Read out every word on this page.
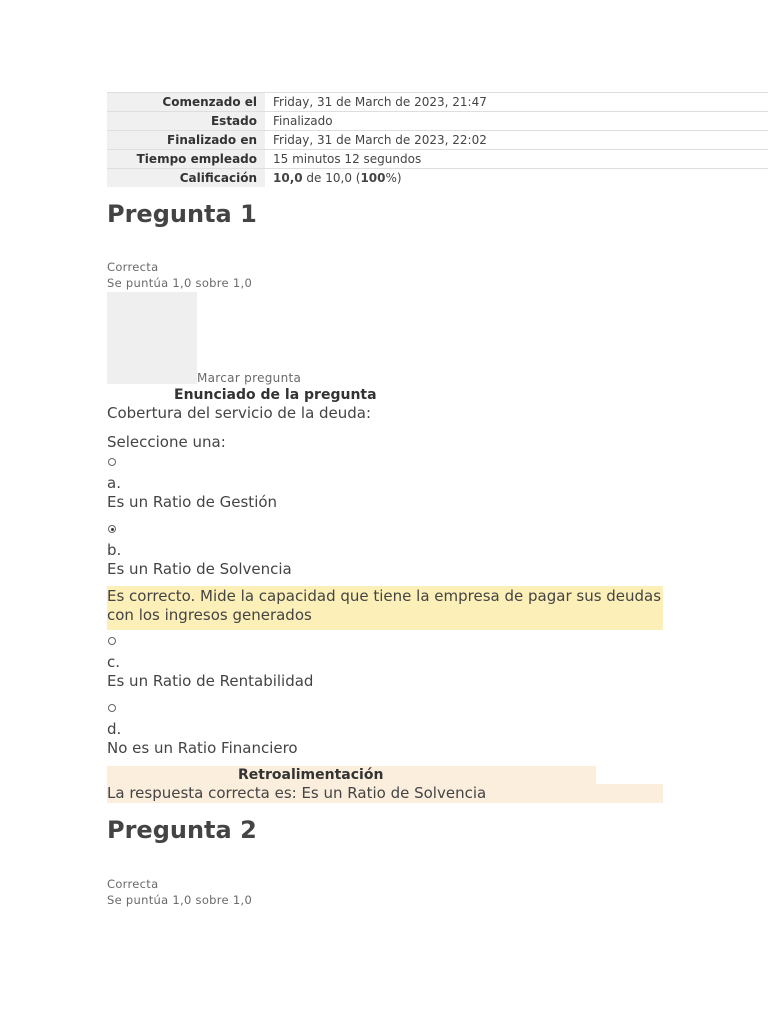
Comenzado el	Friday, 31 de March de 2023, 21:47
Estado	Finalizado
Finalizado en	Friday, 31 de March de 2023, 22:02
Tiempo empleado	15 minutos 12 segundos
Calificación	10,0 de 10,0 (100%)
Pregunta 1
Correcta
Se puntúa 1,0 sobre 1,0
Marcar pregunta
Enunciado de la pregunta
Cobertura del servicio de la deuda:
Seleccione una:
a.
Es un Ratio de Gestión
b.
Es un Ratio de Solvencia
Es correcto. Mide la capacidad que tiene la empresa de pagar sus deudas con los ingresos generados
c.
Es un Ratio de Rentabilidad
d.
No es un Ratio Financiero
Retroalimentación
La respuesta correcta es: Es un Ratio de Solvencia
Pregunta 2
Correcta
Se puntúa 1,0 sobre 1,0
